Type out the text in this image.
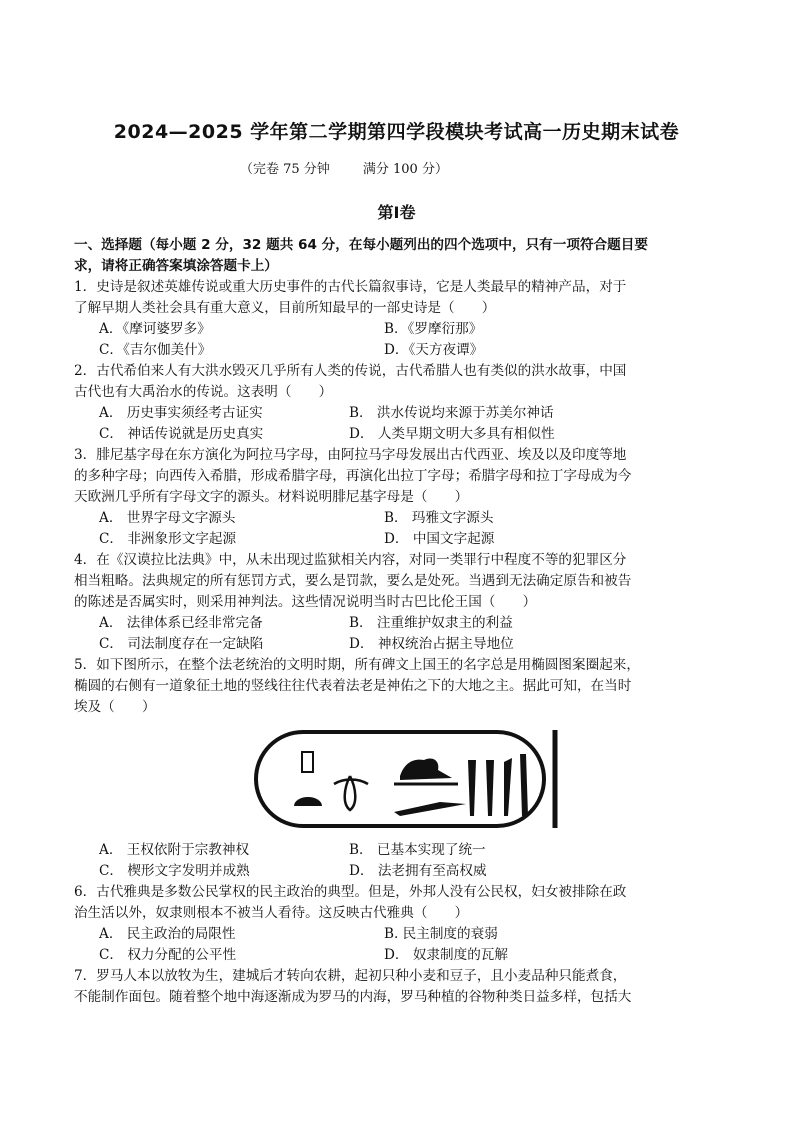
2024—2025 学年第二学期第四学段模块考试高一历史期末试卷
（完卷 75 分钟        满分 100 分）
第Ⅰ卷
一、选择题（每小题 2 分，32 题共 64 分，在每小题列出的四个选项中，只有一项符合题目要
求，请将正确答案填涂答题卡上）
1．史诗是叙述英雄传说或重大历史事件的古代长篇叙事诗，它是人类最早的精神产品，对于
了解早期人类社会具有重大意义，目前所知最早的一部史诗是（　　）
A．《摩诃婆罗多》	B．《罗摩衍那》
C．《吉尔伽美什》	D．《天方夜谭》
2．古代希伯来人有大洪水毁灭几乎所有人类的传说，古代希腊人也有类似的洪水故事，中国
古代也有大禹治水的传说。这表明（　　）
A． 历史事实须经考古证实	B． 洪水传说均来源于苏美尔神话
C． 神话传说就是历史真实	D． 人类早期文明大多具有相似性
3．腓尼基字母在东方演化为阿拉马字母，由阿拉马字母发展出古代西亚、埃及以及印度等地
的多种字母；向西传入希腊，形成希腊字母，再演化出拉丁字母；希腊字母和拉丁字母成为今
天欧洲几乎所有字母文字的源头。材料说明腓尼基字母是（　　）
A． 世界字母文字源头	B． 玛雅文字源头
C． 非洲象形文字起源	D． 中国文字起源
4．在《汉谟拉比法典》中，从未出现过监狱相关内容，对同一类罪行中程度不等的犯罪区分
相当粗略。法典规定的所有惩罚方式，要么是罚款，要么是处死。当遇到无法确定原告和被告
的陈述是否属实时，则采用神判法。这些情况说明当时古巴比伦王国（　　）
A． 法律体系已经非常完备	B． 注重维护奴隶主的利益
C． 司法制度存在一定缺陷	D． 神权统治占据主导地位
5．如下图所示，在整个法老统治的文明时期，所有碑文上国王的名字总是用椭圆图案圈起来，
椭圆的右侧有一道象征土地的竖线往往代表着法老是神佑之下的大地之主。据此可知，在当时
埃及（　　）
A． 王权依附于宗教神权	B． 已基本实现了统一
C． 楔形文字发明并成熟	D． 法老拥有至高权威
6．古代雅典是多数公民掌权的民主政治的典型。但是，外邦人没有公民权，妇女被排除在政
治生活以外，奴隶则根本不被当人看待。这反映古代雅典（　　）
A． 民主政治的局限性	B. 民主制度的衰弱
C． 权力分配的公平性	D． 奴隶制度的瓦解
7．罗马人本以放牧为生，建城后才转向农耕，起初只种小麦和豆子，且小麦品种只能煮食，
不能制作面包。随着整个地中海逐渐成为罗马的内海，罗马种植的谷物种类日益多样，包括大
